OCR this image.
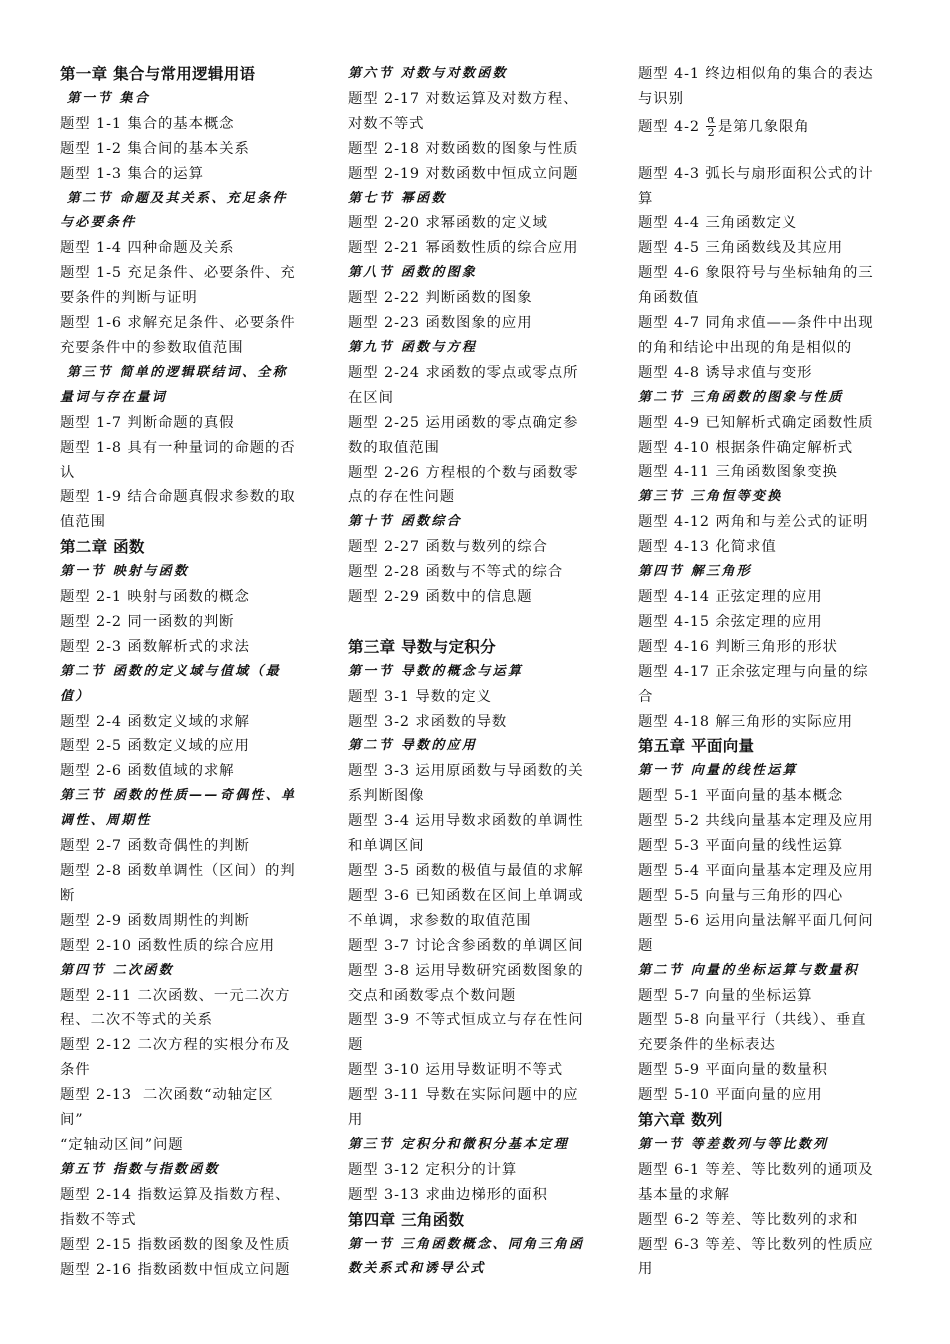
第一章 集合与常用逻辑用语
第一节 集合
题型 1-1 集合的基本概念
题型 1-2 集合间的基本关系
题型 1-3 集合的运算
第二节 命题及其关系、充足条件
与必要条件
题型 1-4 四种命题及关系
题型 1-5 充足条件、必要条件、充
要条件的判断与证明
题型 1-6 求解充足条件、必要条件
充要条件中的参数取值范围
第三节 简单的逻辑联结词、全称
量词与存在量词
题型 1-7 判断命题的真假
题型 1-8 具有一种量词的命题的否
认
题型 1-9 结合命题真假求参数的取
值范围
第二章 函数
第一节 映射与函数
题型 2-1 映射与函数的概念
题型 2-2 同一函数的判断
题型 2-3 函数解析式的求法
第二节 函数的定义域与值域（最
值）
题型 2-4 函数定义域的求解
题型 2-5 函数定义域的应用
题型 2-6 函数值域的求解
第三节 函数的性质——奇偶性、单
调性、周期性
题型 2-7 函数奇偶性的判断
题型 2-8 函数单调性（区间）的判
断
题型 2-9 函数周期性的判断
题型 2-10 函数性质的综合应用
第四节 二次函数
题型 2-11 二次函数、一元二次方
程、二次不等式的关系
题型 2-12 二次方程的实根分布及
条件
题型 2-13  二次函数“动轴定区
间”
“定轴动区间”问题
第五节 指数与指数函数
题型 2-14 指数运算及指数方程、
指数不等式
题型 2-15 指数函数的图象及性质
题型 2-16 指数函数中恒成立问题
第六节 对数与对数函数
题型 2-17 对数运算及对数方程、
对数不等式
题型 2-18 对数函数的图象与性质
题型 2-19 对数函数中恒成立问题
第七节 幂函数
题型 2-20 求幂函数的定义域
题型 2-21 幂函数性质的综合应用
第八节 函数的图象
题型 2-22 判断函数的图象
题型 2-23 函数图象的应用
第九节 函数与方程
题型 2-24 求函数的零点或零点所
在区间
题型 2-25 运用函数的零点确定参
数的取值范围
题型 2-26 方程根的个数与函数零
点的存在性问题
第十节 函数综合
题型 2-27 函数与数列的综合
题型 2-28 函数与不等式的综合
题型 2-29 函数中的信息题
第三章 导数与定积分
第一节 导数的概念与运算
题型 3-1 导数的定义
题型 3-2 求函数的导数
第二节 导数的应用
题型 3-3 运用原函数与导函数的关
系判断图像
题型 3-4 运用导数求函数的单调性
和单调区间
题型 3-5 函数的极值与最值的求解
题型 3-6 已知函数在区间上单调或
不单调，求参数的取值范围
题型 3-7 讨论含参函数的单调区间
题型 3-8 运用导数研究函数图象的
交点和函数零点个数问题
题型 3-9 不等式恒成立与存在性问
题
题型 3-10 运用导数证明不等式
题型 3-11 导数在实际问题中的应
用
第三节 定积分和微积分基本定理
题型 3-12 定积分的计算
题型 3-13 求曲边梯形的面积
第四章 三角函数
第一节 三角函数概念、同角三角函
数关系式和诱导公式
题型 4-1 终边相似角的集合的表达
与识别
题型 $4-2 \frac{\alpha}{2}$ 是第几象限角
题型 4-3 弧长与扇形面积公式的计
算
题型 4-4 三角函数定义
题型 4-5 三角函数线及其应用
题型 4-6 象限符号与坐标轴角的三
角函数值
题型 4-7 同角求值——条件中出现
的角和结论中出现的角是相似的
题型 4-8 诱导求值与变形
第二节 三角函数的图象与性质
题型 4-9 已知解析式确定函数性质
题型 4-10 根据条件确定解析式
题型 4-11 三角函数图象变换
第三节 三角恒等变换
题型 4-12 两角和与差公式的证明
题型 4-13 化简求值
第四节 解三角形
题型 4-14 正弦定理的应用
题型 4-15 余弦定理的应用
题型 4-16 判断三角形的形状
题型 4-17 正余弦定理与向量的综
合
题型 4-18 解三角形的实际应用
第五章 平面向量
第一节 向量的线性运算
题型 5-1 平面向量的基本概念
题型 5-2 共线向量基本定理及应用
题型 5-3 平面向量的线性运算
题型 5-4 平面向量基本定理及应用
题型 5-5 向量与三角形的四心
题型 5-6 运用向量法解平面几何问
题
第二节 向量的坐标运算与数量积
题型 5-7 向量的坐标运算
题型 5-8 向量平行（共线）、垂直
充要条件的坐标表达
题型 5-9 平面向量的数量积
题型 5-10 平面向量的应用
第六章 数列
第一节 等差数列与等比数列
题型 6-1 等差、等比数列的通项及
基本量的求解
题型 6-2 等差、等比数列的求和
题型 6-3 等差、等比数列的性质应
用
